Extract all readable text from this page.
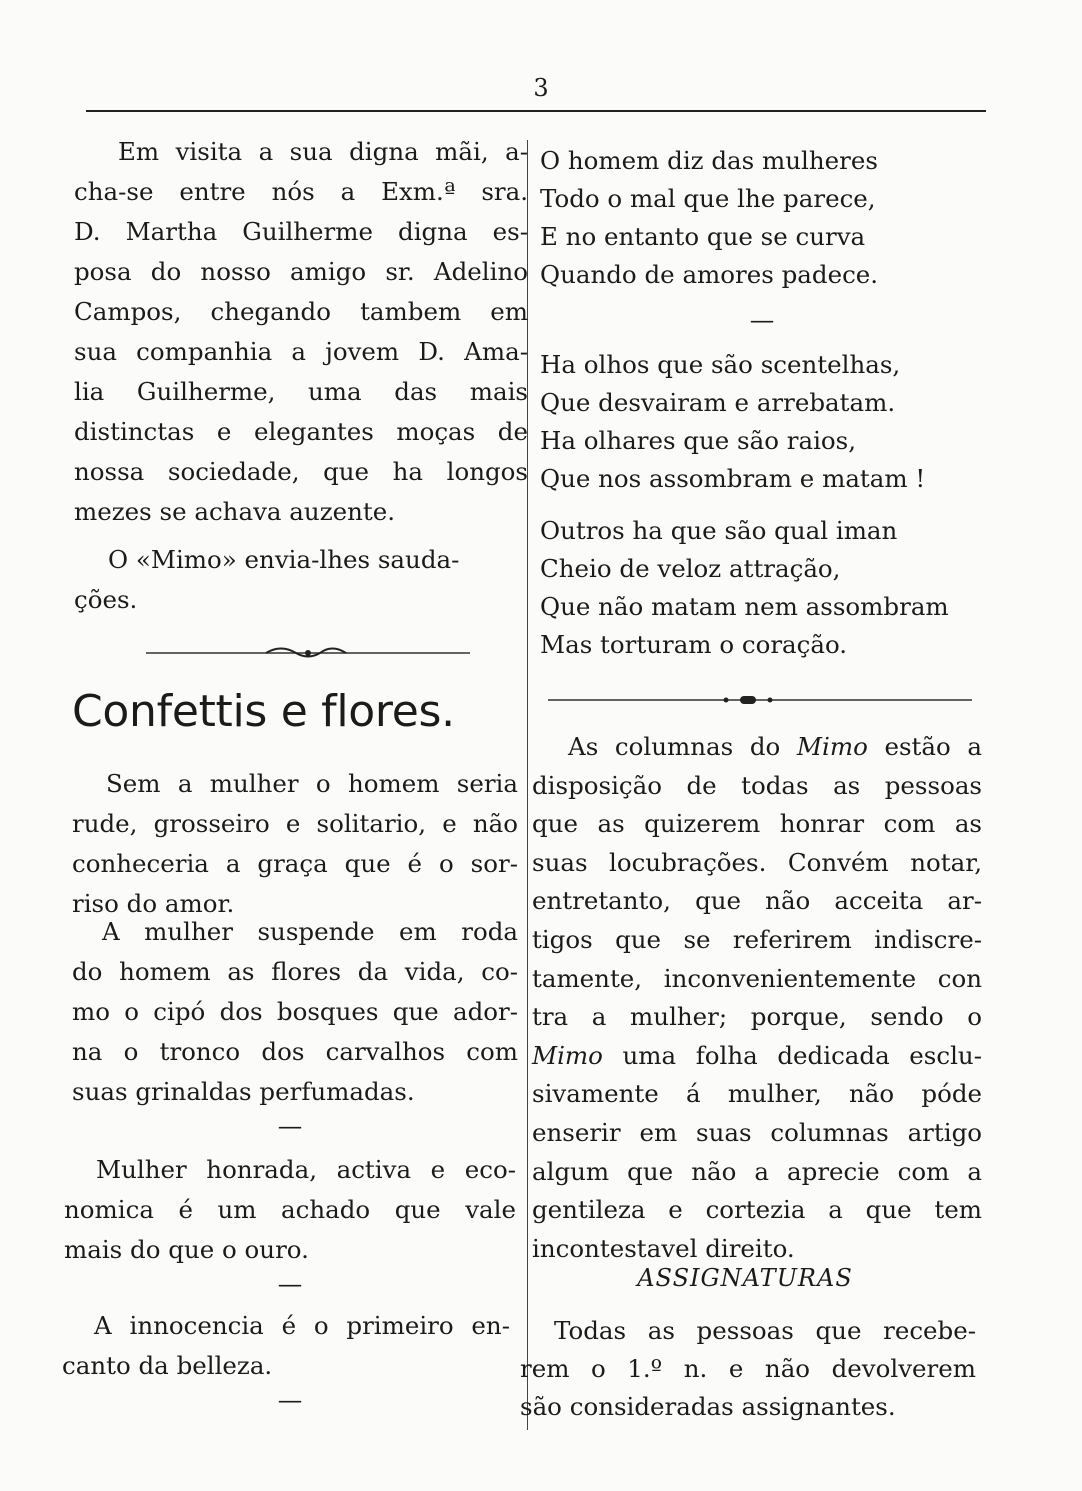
3
Em visita a sua digna mãi, a-
cha-se entre nós a Exm.ª sra.
D. Martha Guilherme digna es-
posa do nosso amigo sr. Adelino
Campos, chegando tambem em
sua companhia a jovem D. Ama-
lia Guilherme, uma das mais
distinctas e elegantes moças de
nossa sociedade, que ha longos
mezes se achava auzente.
O «Mimo» envia-lhes sauda-
ções.
Confettis e flores.
Sem a mulher o homem seria
rude, grosseiro e solitario, e não
conheceria a graça que é o sor-
riso do amor.
A mulher suspende em roda
do homem as flores da vida, co-
mo o cipó dos bosques que ador-
na o tronco dos carvalhos com
suas grinaldas perfumadas.
—
Mulher honrada, activa e eco-
nomica é um achado que vale
mais do que o ouro.
—
A innocencia é o primeiro en-
canto da belleza.
—
O homem diz das mulheres
Todo o mal que lhe parece,
E no entanto que se curva
Quando de amores padece.
—
Ha olhos que são scentelhas,
Que desvairam e arrebatam.
Ha olhares que são raios,
Que nos assombram e matam !
Outros ha que são qual iman
Cheio de veloz attração,
Que não matam nem assombram
Mas torturam o coração.
As columnas do Mimo estão a
disposição de todas as pessoas
que as quizerem honrar com as
suas locubrações. Convém notar,
entretanto, que não acceita ar-
tigos que se referirem indiscre-
tamente, inconvenientemente con
tra a mulher; porque, sendo o
Mimo uma folha dedicada esclu-
sivamente á mulher, não póde
enserir em suas columnas artigo
algum que não a aprecie com a
gentileza e cortezia a que tem
incontestavel direito.
ASSIGNATURAS
Todas as pessoas que recebe-
rem o 1.º n. e não devolverem
são consideradas assignantes.
